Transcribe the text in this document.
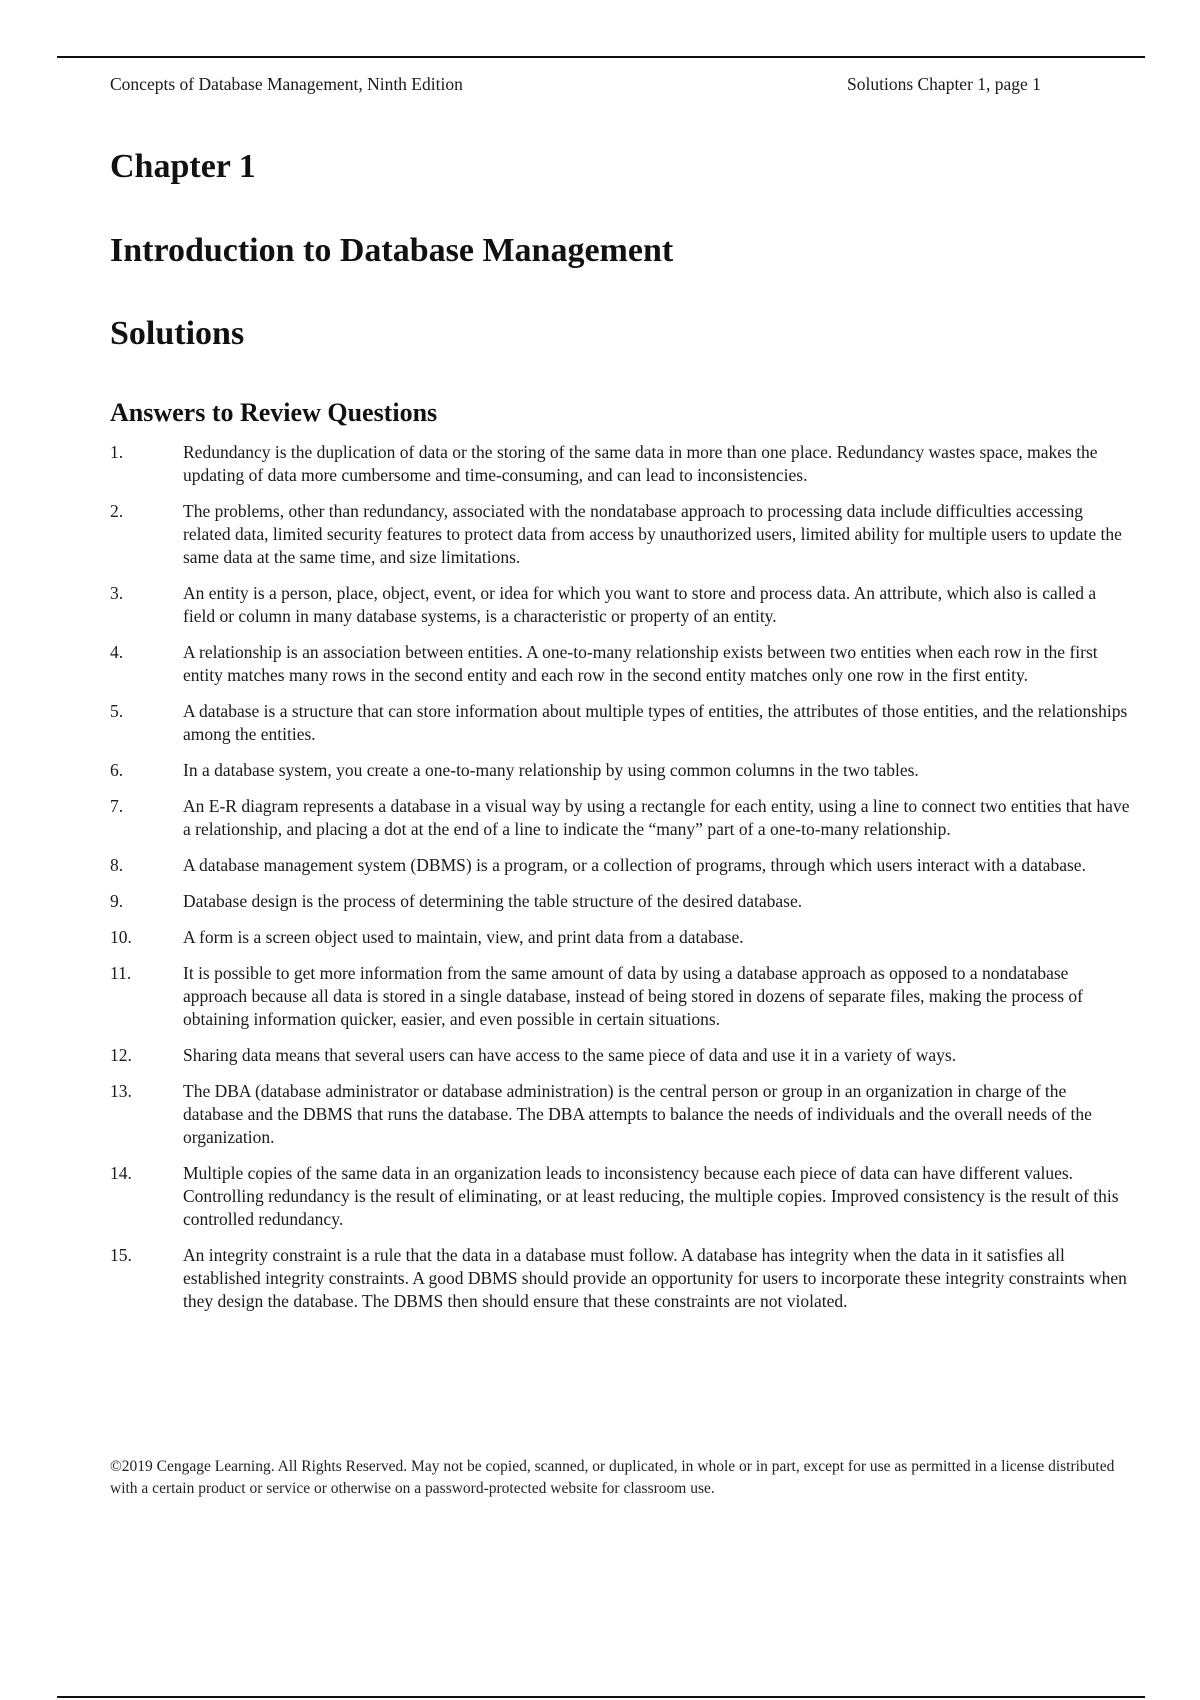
Concepts of Database Management, Ninth Edition	Solutions Chapter 1, page 1
Chapter 1
Introduction to Database Management
Solutions
Answers to Review Questions
1.	Redundancy is the duplication of data or the storing of the same data in more than one place. Redundancy wastes space, makes the updating of data more cumbersome and time-consuming, and can lead to inconsistencies.
2.	The problems, other than redundancy, associated with the nondatabase approach to processing data include difficulties accessing related data, limited security features to protect data from access by unauthorized users, limited ability for multiple users to update the same data at the same time, and size limitations.
3.	An entity is a person, place, object, event, or idea for which you want to store and process data. An attribute, which also is called a field or column in many database systems, is a characteristic or property of an entity.
4.	A relationship is an association between entities. A one-to-many relationship exists between two entities when each row in the first entity matches many rows in the second entity and each row in the second entity matches only one row in the first entity.
5.	A database is a structure that can store information about multiple types of entities, the attributes of those entities, and the relationships among the entities.
6.	In a database system, you create a one-to-many relationship by using common columns in the two tables.
7.	An E-R diagram represents a database in a visual way by using a rectangle for each entity, using a line to connect two entities that have a relationship, and placing a dot at the end of a line to indicate the “many” part of a one-to-many relationship.
8.	A database management system (DBMS) is a program, or a collection of programs, through which users interact with a database.
9.	Database design is the process of determining the table structure of the desired database.
10.	A form is a screen object used to maintain, view, and print data from a database.
11.	It is possible to get more information from the same amount of data by using a database approach as opposed to a nondatabase approach because all data is stored in a single database, instead of being stored in dozens of separate files, making the process of obtaining information quicker, easier, and even possible in certain situations.
12.	Sharing data means that several users can have access to the same piece of data and use it in a variety of ways.
13.	The DBA (database administrator or database administration) is the central person or group in an organization in charge of the database and the DBMS that runs the database. The DBA attempts to balance the needs of individuals and the overall needs of the organization.
14.	Multiple copies of the same data in an organization leads to inconsistency because each piece of data can have different values. Controlling redundancy is the result of eliminating, or at least reducing, the multiple copies. Improved consistency is the result of this controlled redundancy.
15.	An integrity constraint is a rule that the data in a database must follow. A database has integrity when the data in it satisfies all established integrity constraints. A good DBMS should provide an opportunity for users to incorporate these integrity constraints when they design the database. The DBMS then should ensure that these constraints are not violated.
©2019 Cengage Learning. All Rights Reserved. May not be copied, scanned, or duplicated, in whole or in part, except for use as permitted in a license distributed with a certain product or service or otherwise on a password-protected website for classroom use.
